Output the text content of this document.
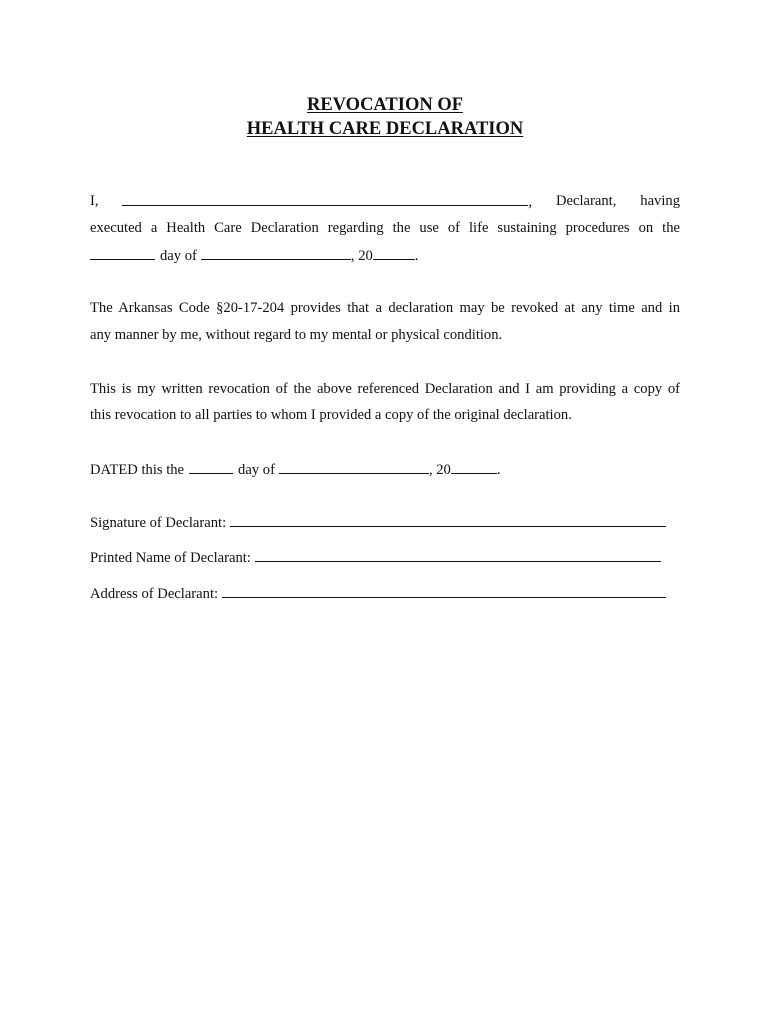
REVOCATION OF
HEALTH CARE DECLARATION
I,	, Declarant, having
executed a Health Care Declaration regarding the use of life sustaining procedures on the
day of	, 20	.
The Arkansas Code §20-17-204 provides that a declaration may be revoked at any time and in
any manner by me, without regard to my mental or physical condition.
This is my written revocation of the above referenced Declaration and I am providing a copy of
this revocation to all parties to whom I provided a copy of the original declaration.
DATED this the	day of	, 20	.
Signature of Declarant:
Printed Name of Declarant:
Address of Declarant:
